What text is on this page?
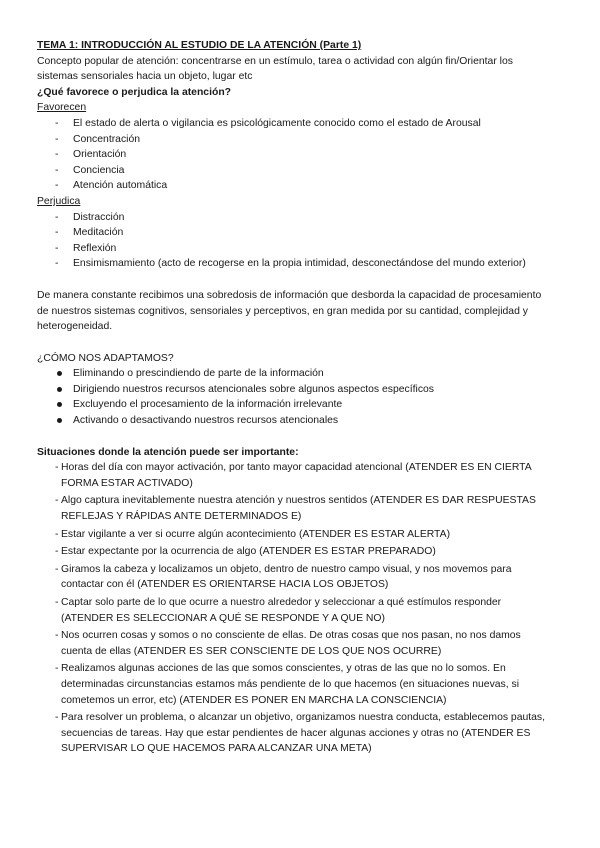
TEMA 1: INTRODUCCIÓN AL ESTUDIO DE LA ATENCIÓN (Parte 1)

Concepto popular de atención: concentrarse en un estímulo, tarea o actividad con algún fin/Orientar los sistemas sensoriales hacia un objeto, lugar etc

¿Qué favorece o perjudica la atención?

Favorecen

- El estado de alerta o vigilancia es psicológicamente conocido como el estado de Arousal
- Concentración
- Orientación
- Conciencia
- Atención automática

Perjudica

- Distracción
- Meditación
- Reflexión
- Ensimismamiento (acto de recogerse en la propia intimidad, desconectándose del mundo exterior)

De manera constante recibimos una sobredosis de información que desborda la capacidad de procesamiento de nuestros sistemas cognitivos, sensoriales y perceptivos, en gran medida por su cantidad, complejidad y heterogeneidad.

¿CÓMO NOS ADAPTAMOS?

Eliminando o prescindiendo de parte de la información
Dirigiendo nuestros recursos atencionales sobre algunos aspectos específicos
Excluyendo el procesamiento de la información irrelevante
Activando o desactivando nuestros recursos atencionales

Situaciones donde la atención puede ser importante:

- Horas del día con mayor activación, por tanto mayor capacidad atencional (ATENDER ES EN CIERTA FORMA ESTAR ACTIVADO)
- Algo captura inevitablemente nuestra atención y nuestros sentidos (ATENDER ES DAR RESPUESTAS REFLEJAS Y RÁPIDAS ANTE DETERMINADOS E)
- Estar vigilante a ver si ocurre algún acontecimiento (ATENDER ES ESTAR ALERTA)
- Estar expectante por la ocurrencia de algo (ATENDER ES ESTAR PREPARADO)
- Giramos la cabeza y localizamos un objeto, dentro de nuestro campo visual, y nos movemos para contactar con él (ATENDER ES ORIENTARSE HACIA LOS OBJETOS)
- Captar solo parte de lo que ocurre a nuestro alrededor y seleccionar a qué estímulos responder (ATENDER ES SELECCIONAR A QUÉ SE RESPONDE Y A QUE NO)
- Nos ocurren cosas y somos o no consciente de ellas. De otras cosas que nos pasan, no nos damos cuenta de ellas (ATENDER ES SER CONSCIENTE DE LOS QUE NOS OCURRE)
- Realizamos algunas acciones de las que somos conscientes, y otras de las que no lo somos. En determinadas circunstancias estamos más pendiente de lo que hacemos (en situaciones nuevas, si cometemos un error, etc) (ATENDER ES PONER EN MARCHA LA CONSCIENCIA)
- Para resolver un problema, o alcanzar un objetivo, organizamos nuestra conducta, establecemos pautas, secuencias de tareas. Hay que estar pendientes de hacer algunas acciones y otras no (ATENDER ES SUPERVISAR LO QUE HACEMOS PARA ALCANZAR UNA META)
